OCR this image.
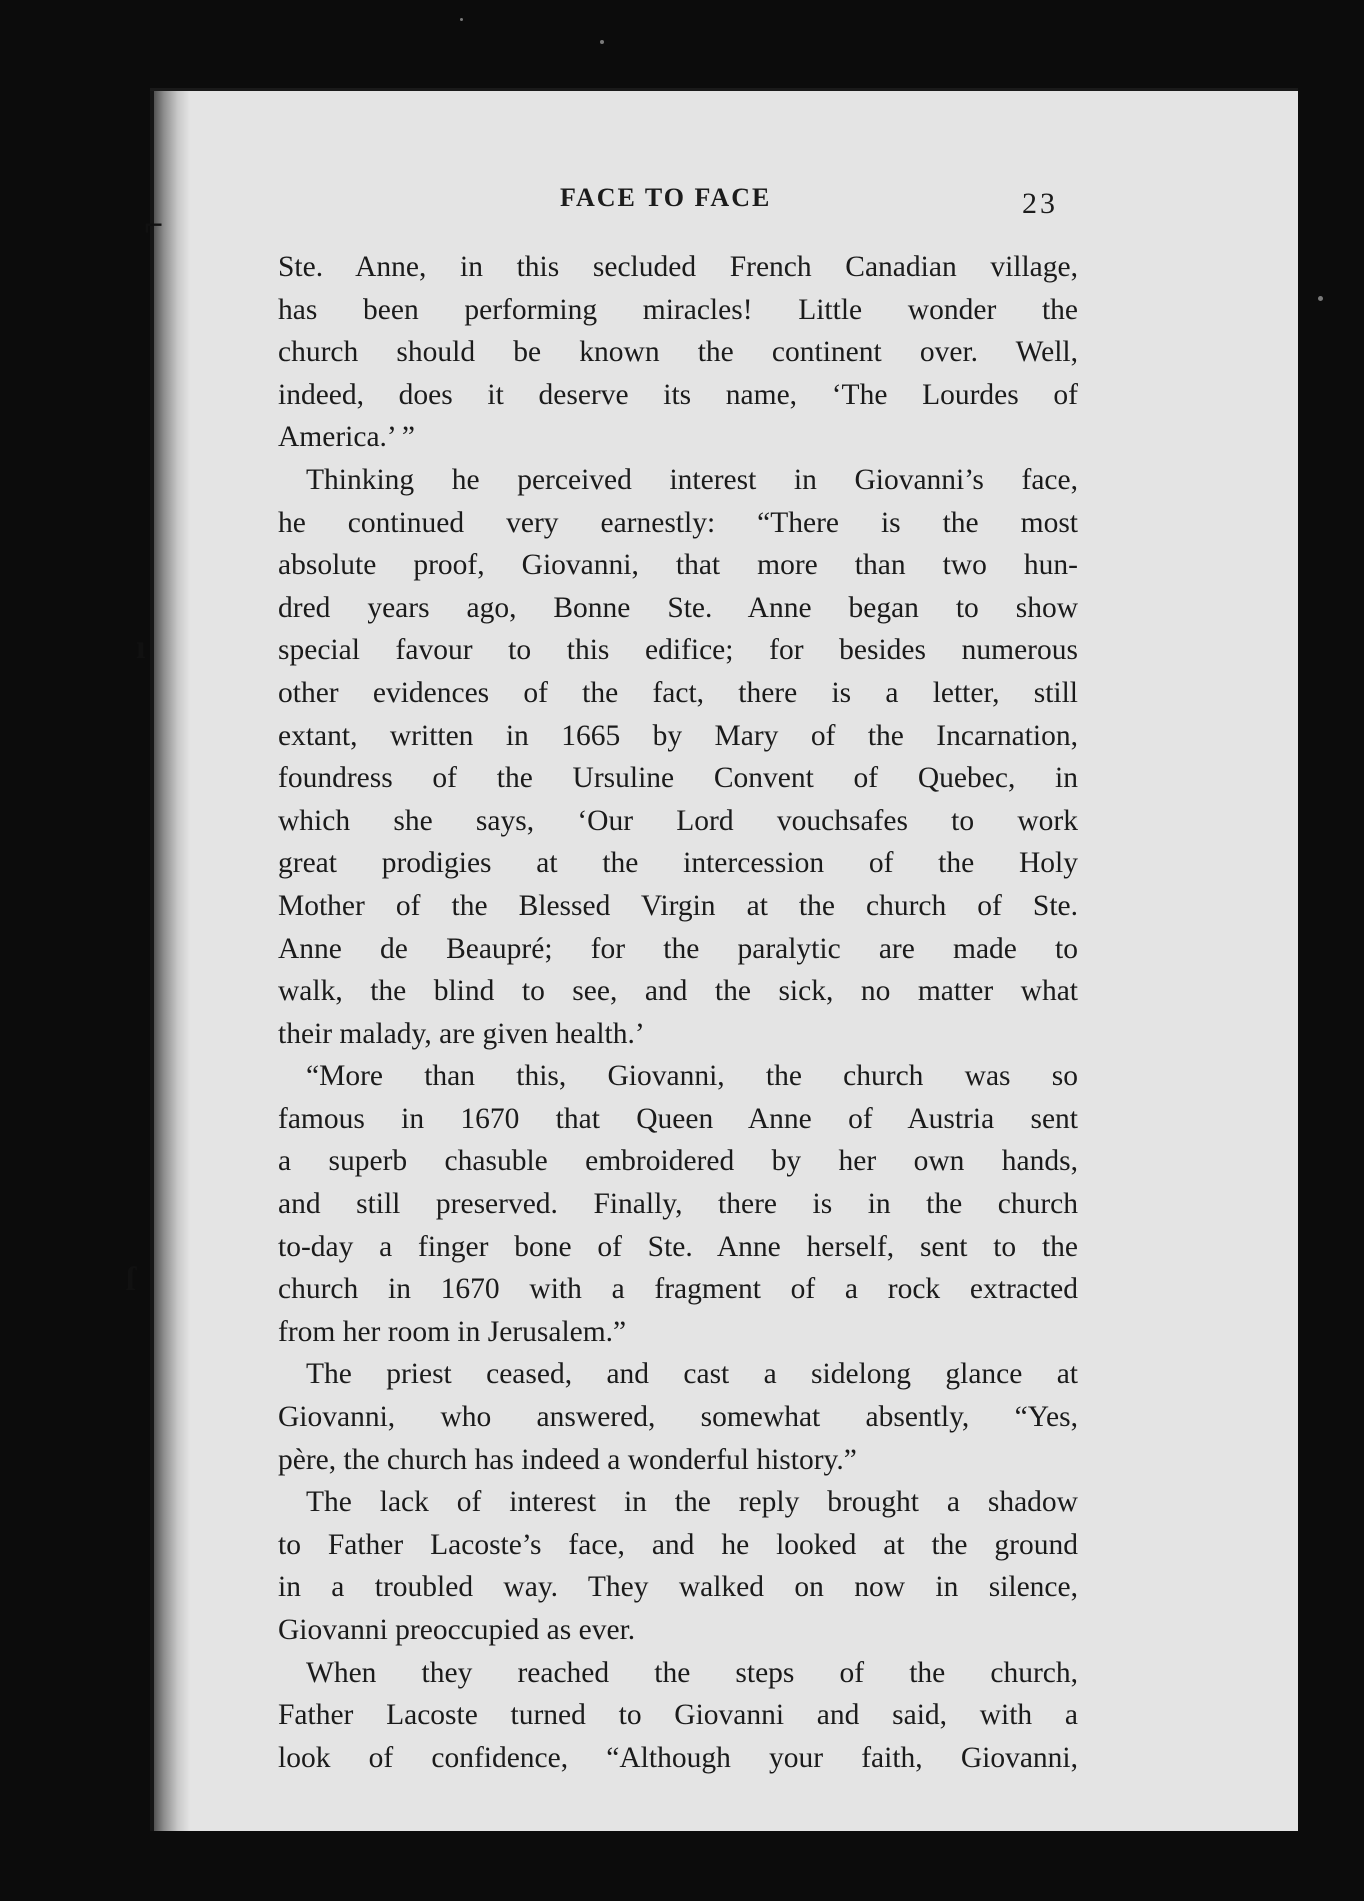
⌐
ı
ſ
FACE TO FACE	23
Ste. Anne, in this secluded French Canadian village,
has been performing miracles! Little wonder the
church should be known the continent over. Well,
indeed, does it deserve its name, ‘The Lourdes of
America.’ ”
Thinking he perceived interest in Giovanni’s face,
he continued very earnestly: “There is the most
absolute proof, Giovanni, that more than two hun-
dred years ago, Bonne Ste. Anne began to show
special favour to this edifice; for besides numerous
other evidences of the fact, there is a letter, still
extant, written in 1665 by Mary of the Incarnation,
foundress of the Ursuline Convent of Quebec, in
which she says, ‘Our Lord vouchsafes to work
great prodigies at the intercession of the Holy
Mother of the Blessed Virgin at the church of Ste.
Anne de Beaupré; for the paralytic are made to
walk, the blind to see, and the sick, no matter what
their malady, are given health.’
“More than this, Giovanni, the church was so
famous in 1670 that Queen Anne of Austria sent
a superb chasuble embroidered by her own hands,
and still preserved. Finally, there is in the church
to-day a finger bone of Ste. Anne herself, sent to the
church in 1670 with a fragment of a rock extracted
from her room in Jerusalem.”
The priest ceased, and cast a sidelong glance at
Giovanni, who answered, somewhat absently, “Yes,
père, the church has indeed a wonderful history.”
The lack of interest in the reply brought a shadow
to Father Lacoste’s face, and he looked at the ground
in a troubled way. They walked on now in silence,
Giovanni preoccupied as ever.
When they reached the steps of the church,
Father Lacoste turned to Giovanni and said, with a
look of confidence, “Although your faith, Giovanni,
